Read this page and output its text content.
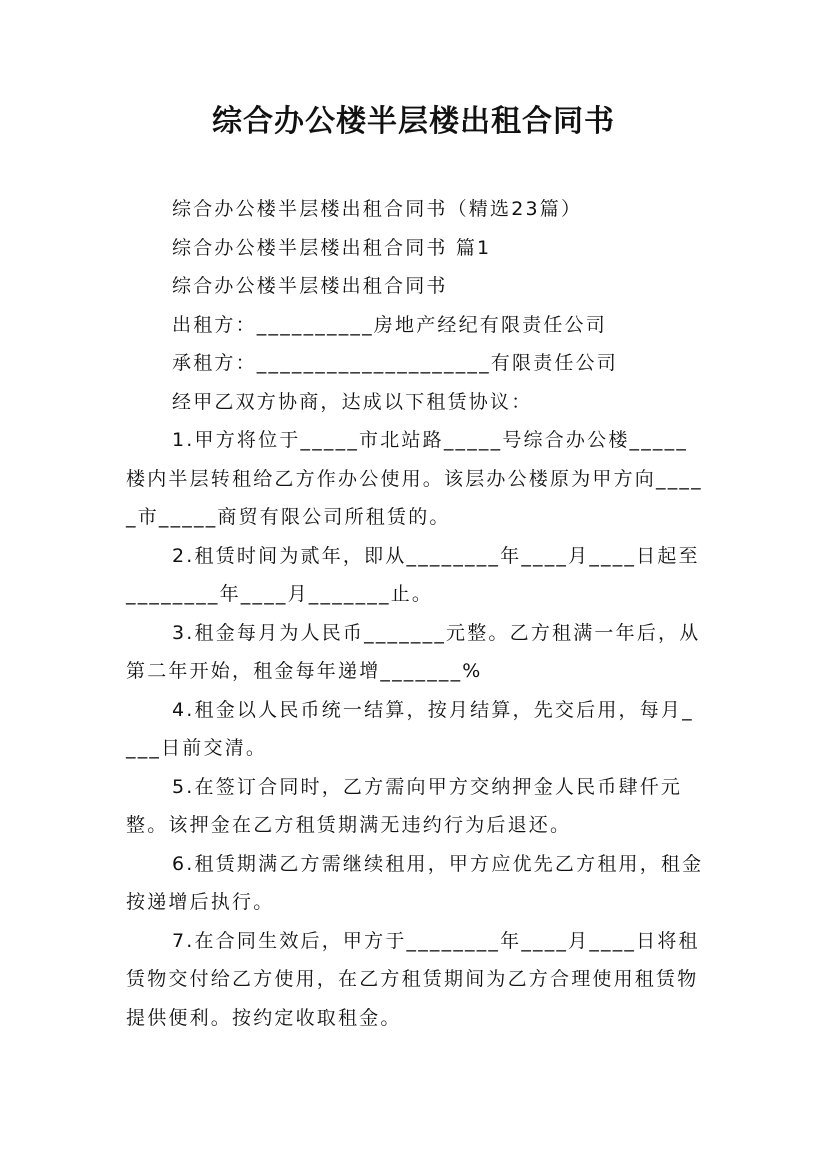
综合办公楼半层楼出租合同书

综合办公楼半层楼出租合同书（精选23篇）

综合办公楼半层楼出租合同书 篇1

综合办公楼半层楼出租合同书

出租方：__________房地产经纪有限责任公司

承租方：____________________有限责任公司

经甲乙双方协商，达成以下租赁协议：

1.甲方将位于_____市北站路_____号综合办公楼_____楼内半层转租给乙方作办公使用。该层办公楼原为甲方向_____市_____商贸有限公司所租赁的。

2.租赁时间为贰年，即从________年____月____日起至________年____月_______止。

3.租金每月为人民币_______元整。乙方租满一年后，从第二年开始，租金每年递增_______%

4.租金以人民币统一结算，按月结算，先交后用，每月____日前交清。

5.在签订合同时，乙方需向甲方交纳押金人民币肆仟元整。该押金在乙方租赁期满无违约行为后退还。

6.租赁期满乙方需继续租用，甲方应优先乙方租用，租金按递增后执行。

7.在合同生效后，甲方于________年____月____日将租赁物交付给乙方使用，在乙方租赁期间为乙方合理使用租赁物提供便利。按约定收取租金。
